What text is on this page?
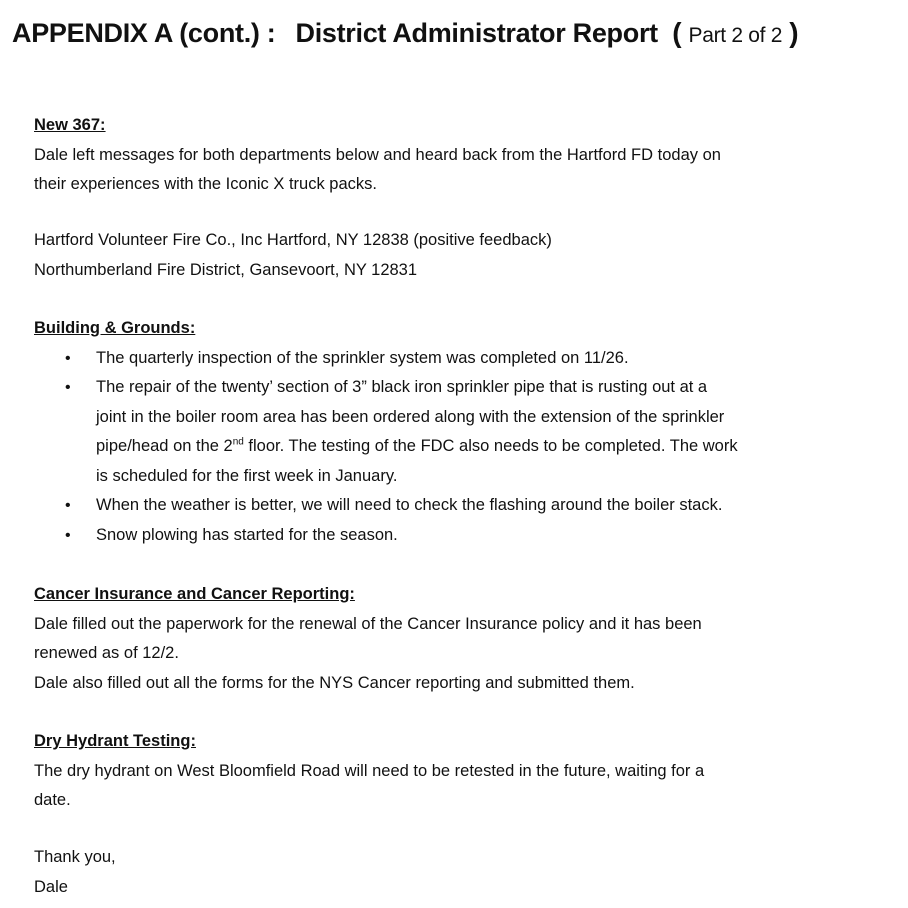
APPENDIX A (cont.) : District Administrator Report ( Part 2 of 2 )

New 367:

Dale left messages for both departments below and heard back from the Hartford FD today on

their experiences with the Iconic X truck packs.

Hartford Volunteer Fire Co., Inc Hartford, NY 12838 (positive feedback)

Northumberland Fire District, Gansevoort, NY 12831

Building & Grounds:

• The quarterly inspection of the sprinkler system was completed on 11/26.
• The repair of the twenty’ section of 3” black iron sprinkler pipe that is rusting out at a
joint in the boiler room area has been ordered along with the extension of the sprinkler
pipe/head on the 2nd floor. The testing of the FDC also needs to be completed. The work
is scheduled for the first week in January.
• When the weather is better, we will need to check the flashing around the boiler stack.
• Snow plowing has started for the season.

Cancer Insurance and Cancer Reporting:

Dale filled out the paperwork for the renewal of the Cancer Insurance policy and it has been

renewed as of 12/2.

Dale also filled out all the forms for the NYS Cancer reporting and submitted them.

Dry Hydrant Testing:

The dry hydrant on West Bloomfield Road will need to be retested in the future, waiting for a

date.

Thank you,

Dale
